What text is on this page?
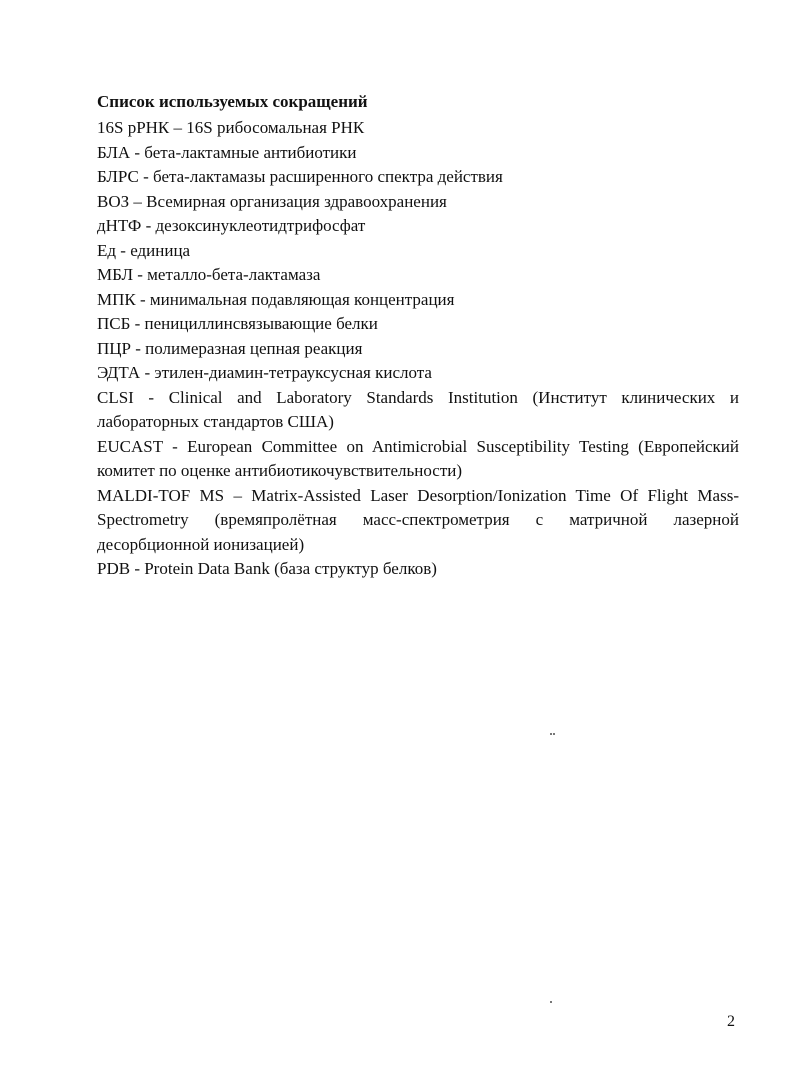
Список используемых сокращений
16S рРНК – 16S рибосомальная РНК
БЛА - бета-лактамные антибиотики
БЛРС - бета-лактамазы расширенного спектра действия
ВОЗ – Всемирная организация здравоохранения
дНТФ - дезоксинуклеотидтрифосфат
Ед - единица
МБЛ - металло-бета-лактамаза
МПК - минимальная подавляющая концентрация
ПСБ - пенициллинсвязывающие белки
ПЦР - полимеразная цепная реакция
ЭДТА - этилен-диамин-тетрауксусная кислота
CLSI - Clinical and Laboratory Standards Institution (Институт клинических и лабораторных стандартов США)
EUCAST - European Committee on Antimicrobial Susceptibility Testing (Европейский комитет по оценке антибиотикочувствительности)
MALDI-TOF MS – Matrix-Assisted Laser Desorption/Ionization Time Of Flight Mass-Spectrometry (времяпролётная масс-спектрометрия с матричной лазерной десорбционной ионизацией)
PDB - Protein Data Bank (база структур белков)
2
